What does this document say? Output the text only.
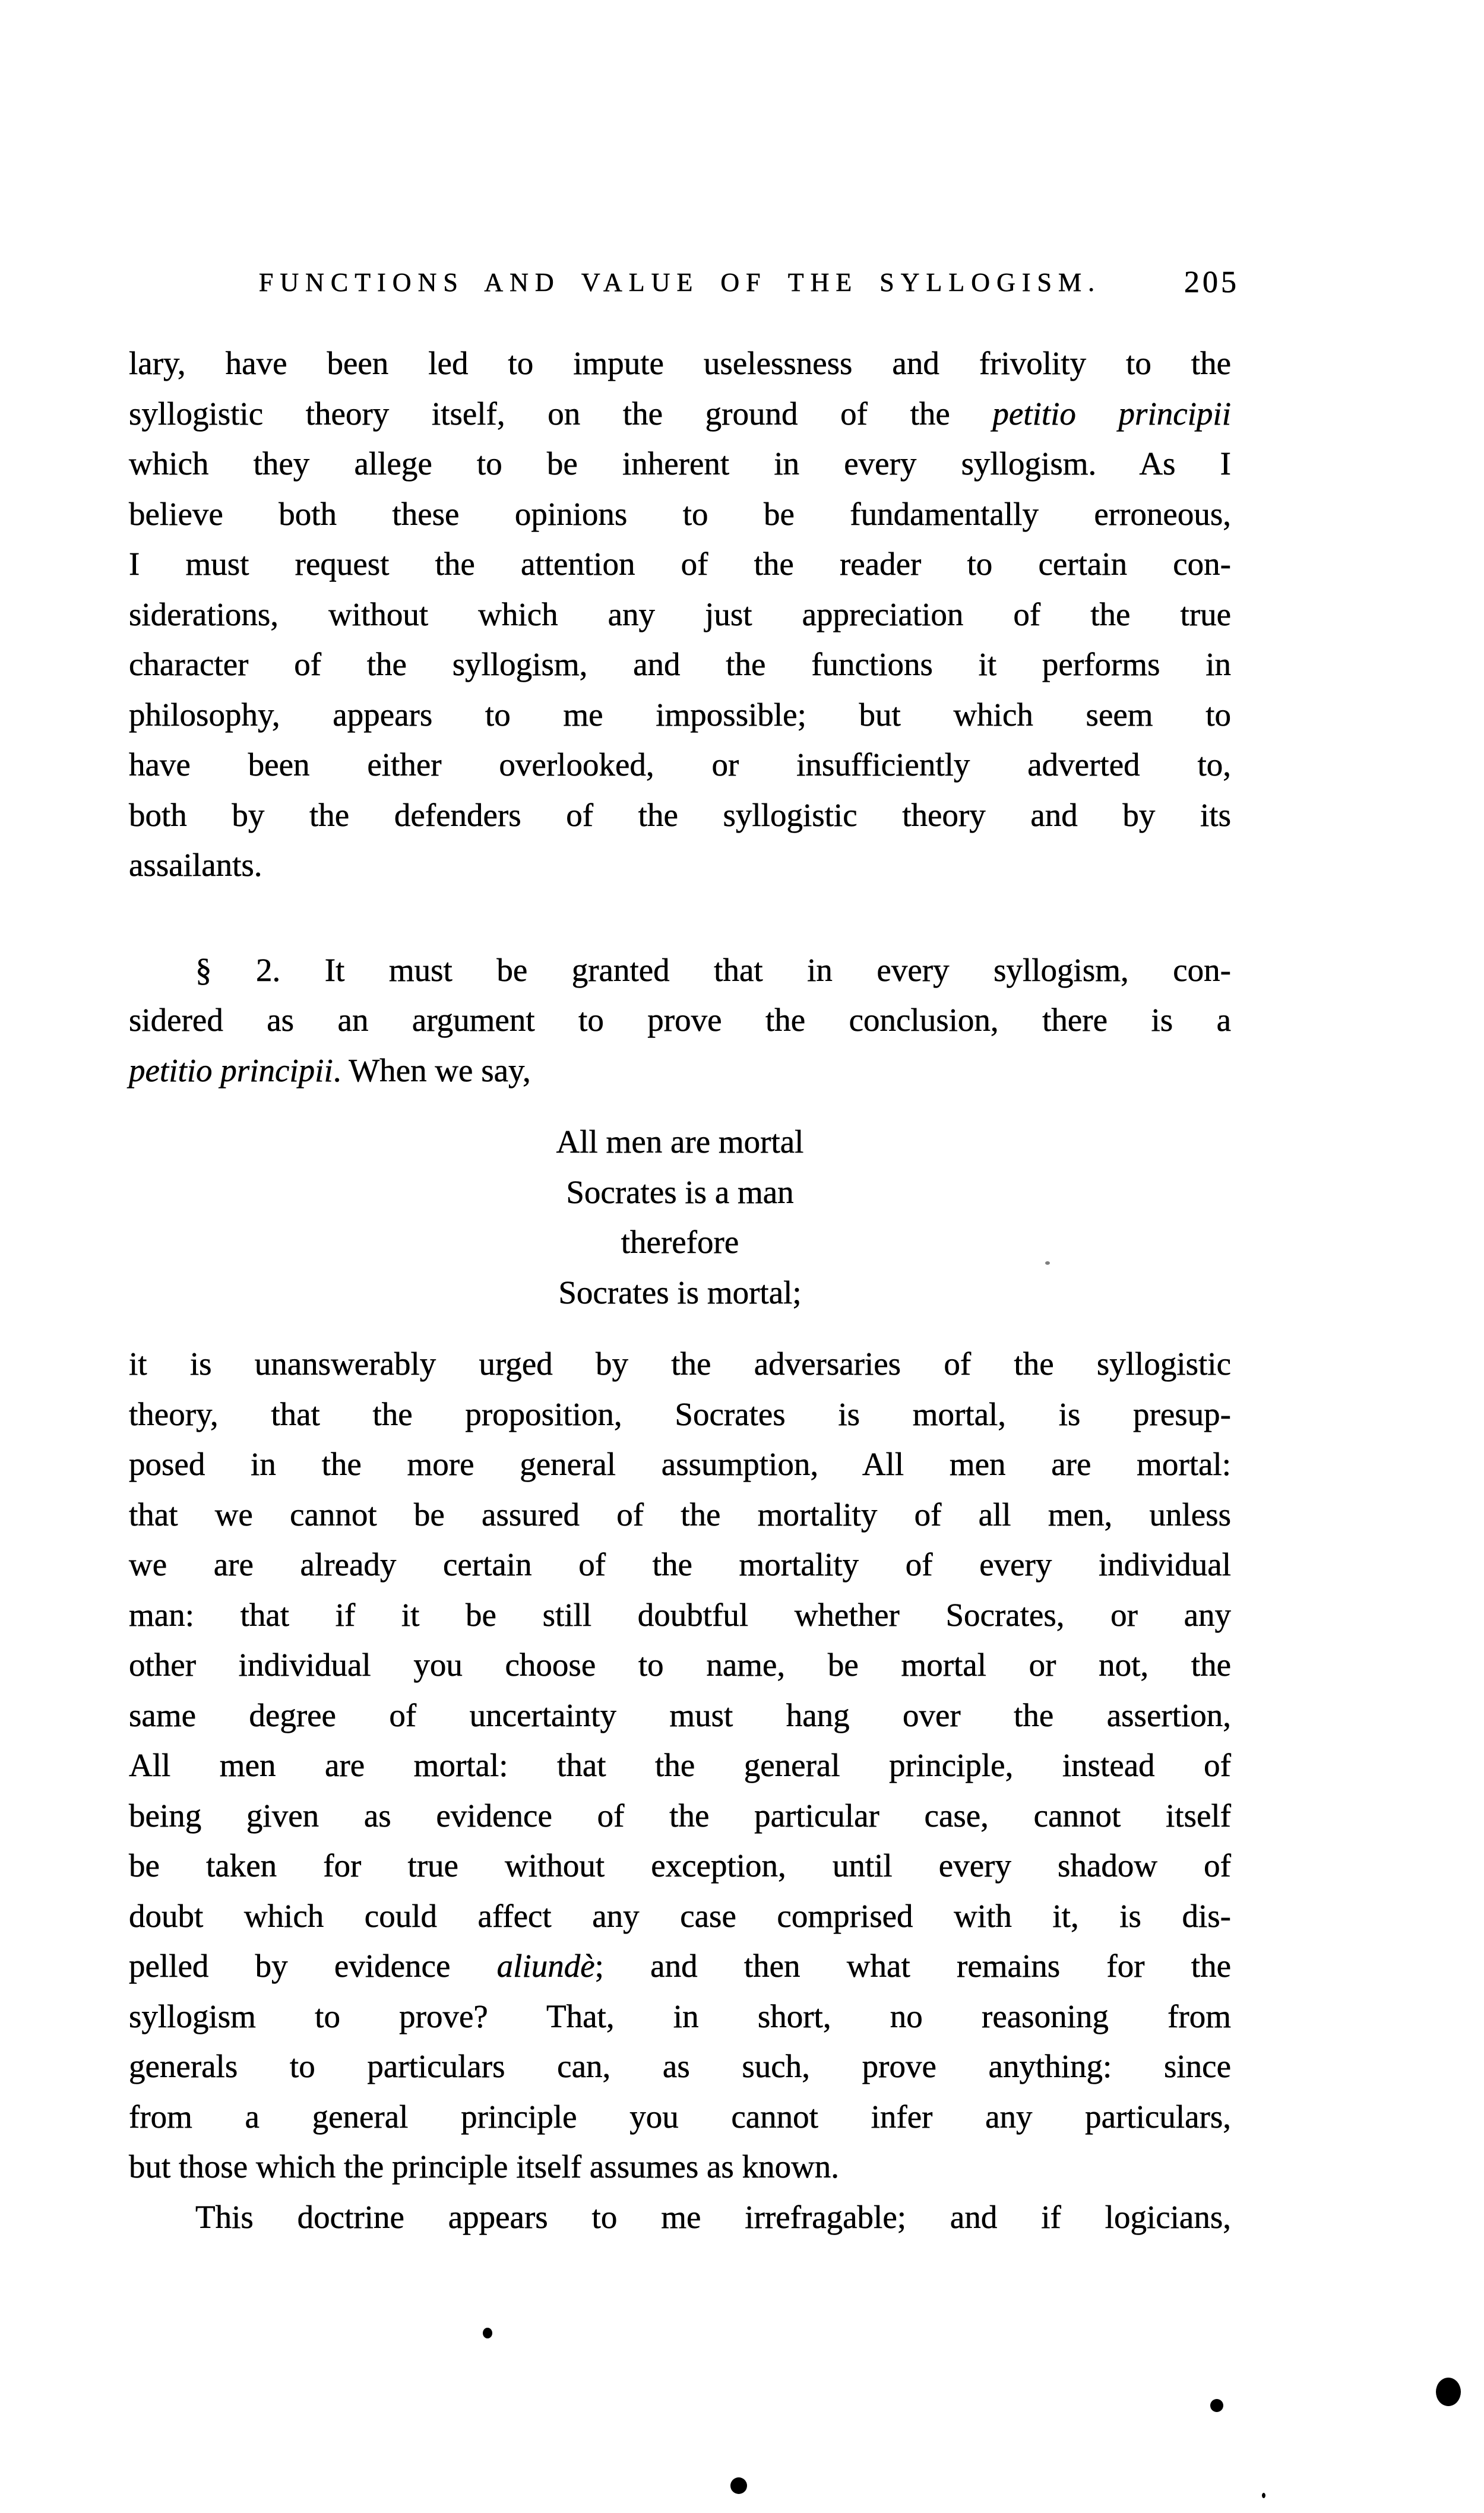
FUNCTIONS AND VALUE OF THE SYLLOGISM.	205
lary, have been led to impute uselessness and frivolity to the
syllogistic theory itself, on the ground of the petitio principii
which they allege to be inherent in every syllogism. As I
believe both these opinions to be fundamentally erroneous,
I must request the attention of the reader to certain con-
siderations, without which any just appreciation of the true
character of the syllogism, and the functions it performs in
philosophy, appears to me impossible; but which seem to
have been either overlooked, or insufficiently adverted to,
both by the defenders of the syllogistic theory and by its
assailants.
§ 2. It must be granted that in every syllogism, con-
sidered as an argument to prove the conclusion, there is a
petitio principii. When we say,
All men are mortal
Socrates is a man
therefore
Socrates is mortal;
it is unanswerably urged by the adversaries of the syllogistic
theory, that the proposition, Socrates is mortal, is presup-
posed in the more general assumption, All men are mortal:
that we cannot be assured of the mortality of all men, unless
we are already certain of the mortality of every individual
man: that if it be still doubtful whether Socrates, or any
other individual you choose to name, be mortal or not, the
same degree of uncertainty must hang over the assertion,
All men are mortal: that the general principle, instead of
being given as evidence of the particular case, cannot itself
be taken for true without exception, until every shadow of
doubt which could affect any case comprised with it, is dis-
pelled by evidence aliundè; and then what remains for the
syllogism to prove? That, in short, no reasoning from
generals to particulars can, as such, prove anything: since
from a general principle you cannot infer any particulars,
but those which the principle itself assumes as known.
This doctrine appears to me irrefragable; and if logicians,
